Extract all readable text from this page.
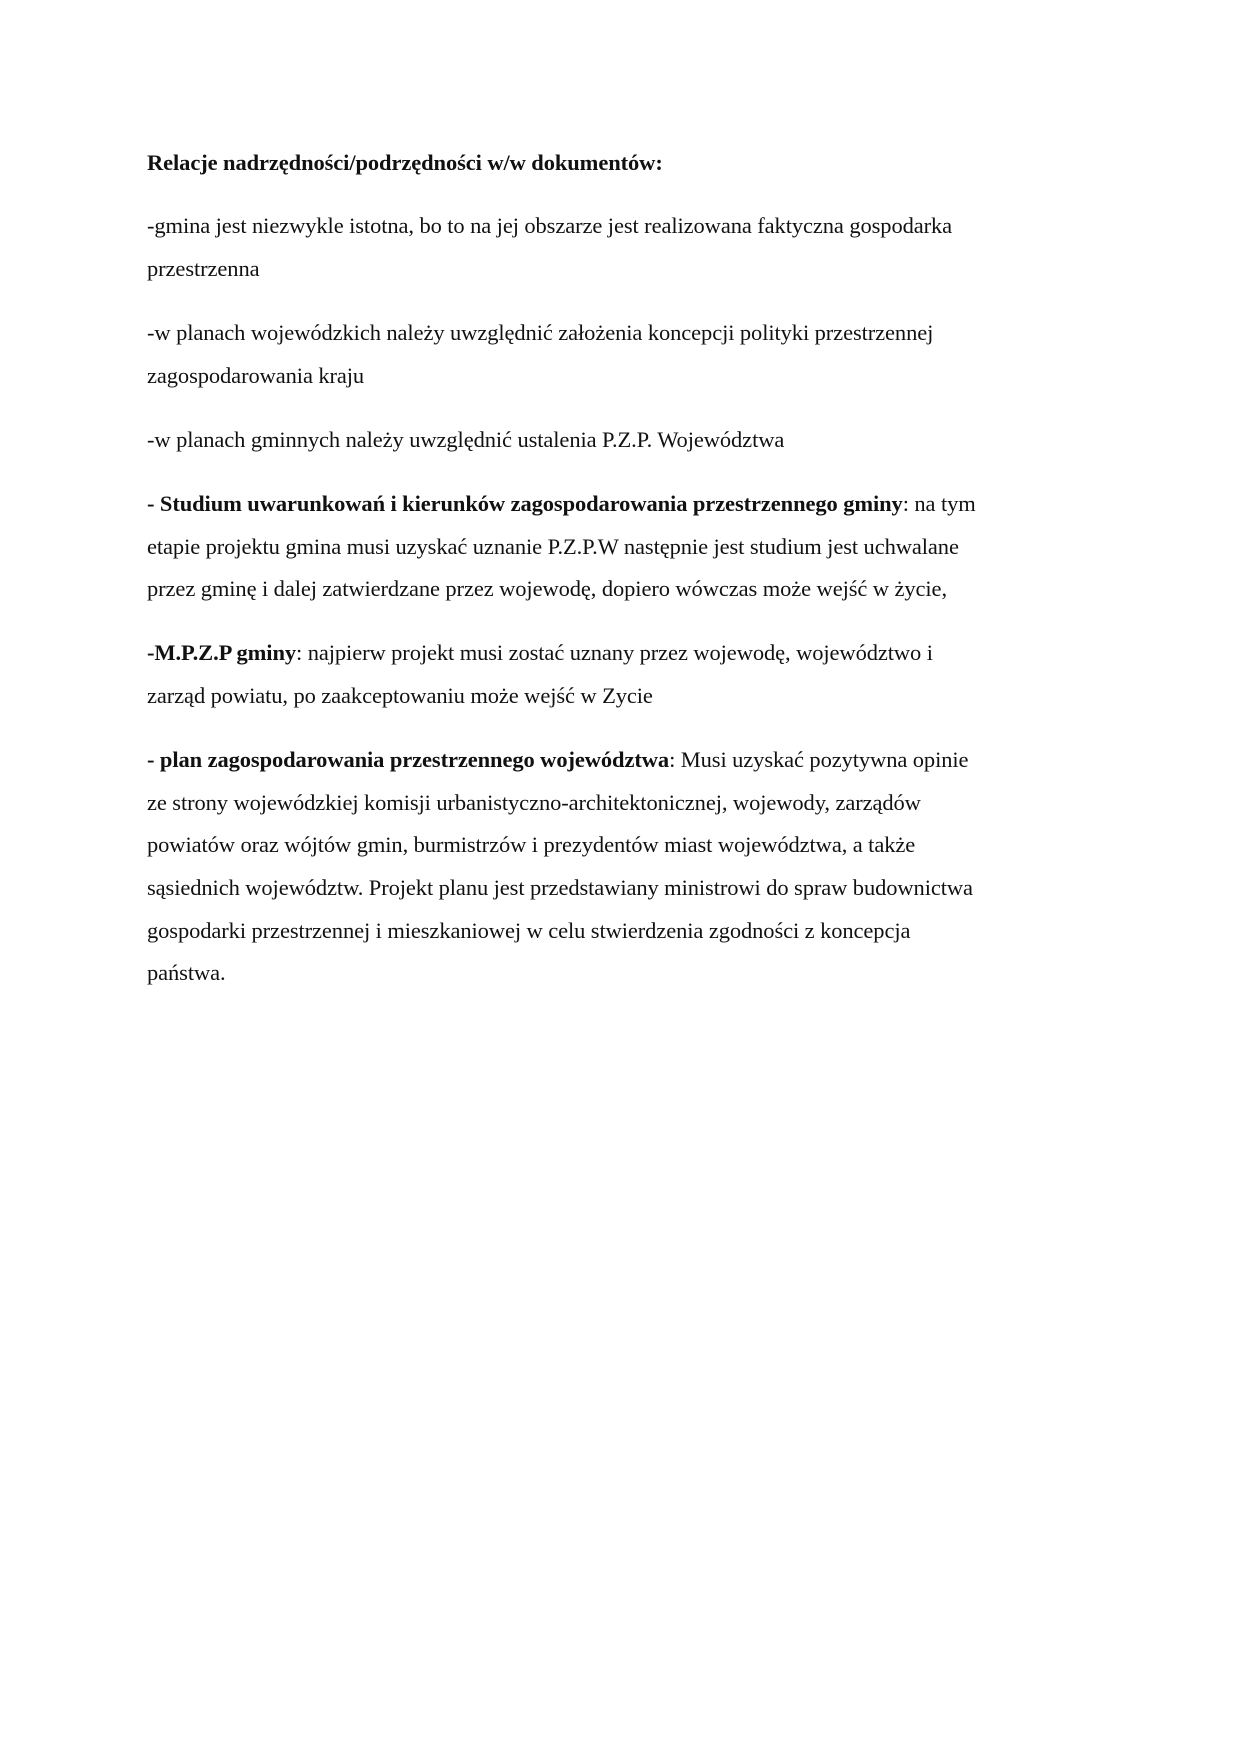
Relacje nadrzędności/podrzędności w/w dokumentów:
-gmina jest niezwykle istotna, bo to na jej obszarze jest realizowana faktyczna gospodarka
przestrzenna
-w planach wojewódzkich należy uwzględnić założenia koncepcji polityki przestrzennej
zagospodarowania kraju
-w planach gminnych należy uwzględnić ustalenia P.Z.P. Województwa
- Studium uwarunkowań i kierunków zagospodarowania przestrzennego gminy: na tym
etapie projektu gmina musi uzyskać uznanie P.Z.P.W następnie jest studium jest uchwalane
przez gminę i dalej zatwierdzane przez wojewodę, dopiero wówczas może wejść w życie,
-M.P.Z.P gminy: najpierw projekt musi zostać uznany przez wojewodę, województwo i
zarząd powiatu, po zaakceptowaniu może wejść w Zycie
- plan zagospodarowania przestrzennego województwa: Musi uzyskać pozytywna opinie
ze strony wojewódzkiej komisji urbanistyczno-architektonicznej, wojewody, zarządów
powiatów oraz wójtów gmin, burmistrzów i prezydentów miast województwa, a także
sąsiednich województw. Projekt planu jest przedstawiany ministrowi do spraw budownictwa
gospodarki przestrzennej i mieszkaniowej w celu stwierdzenia zgodności z koncepcja
państwa.
